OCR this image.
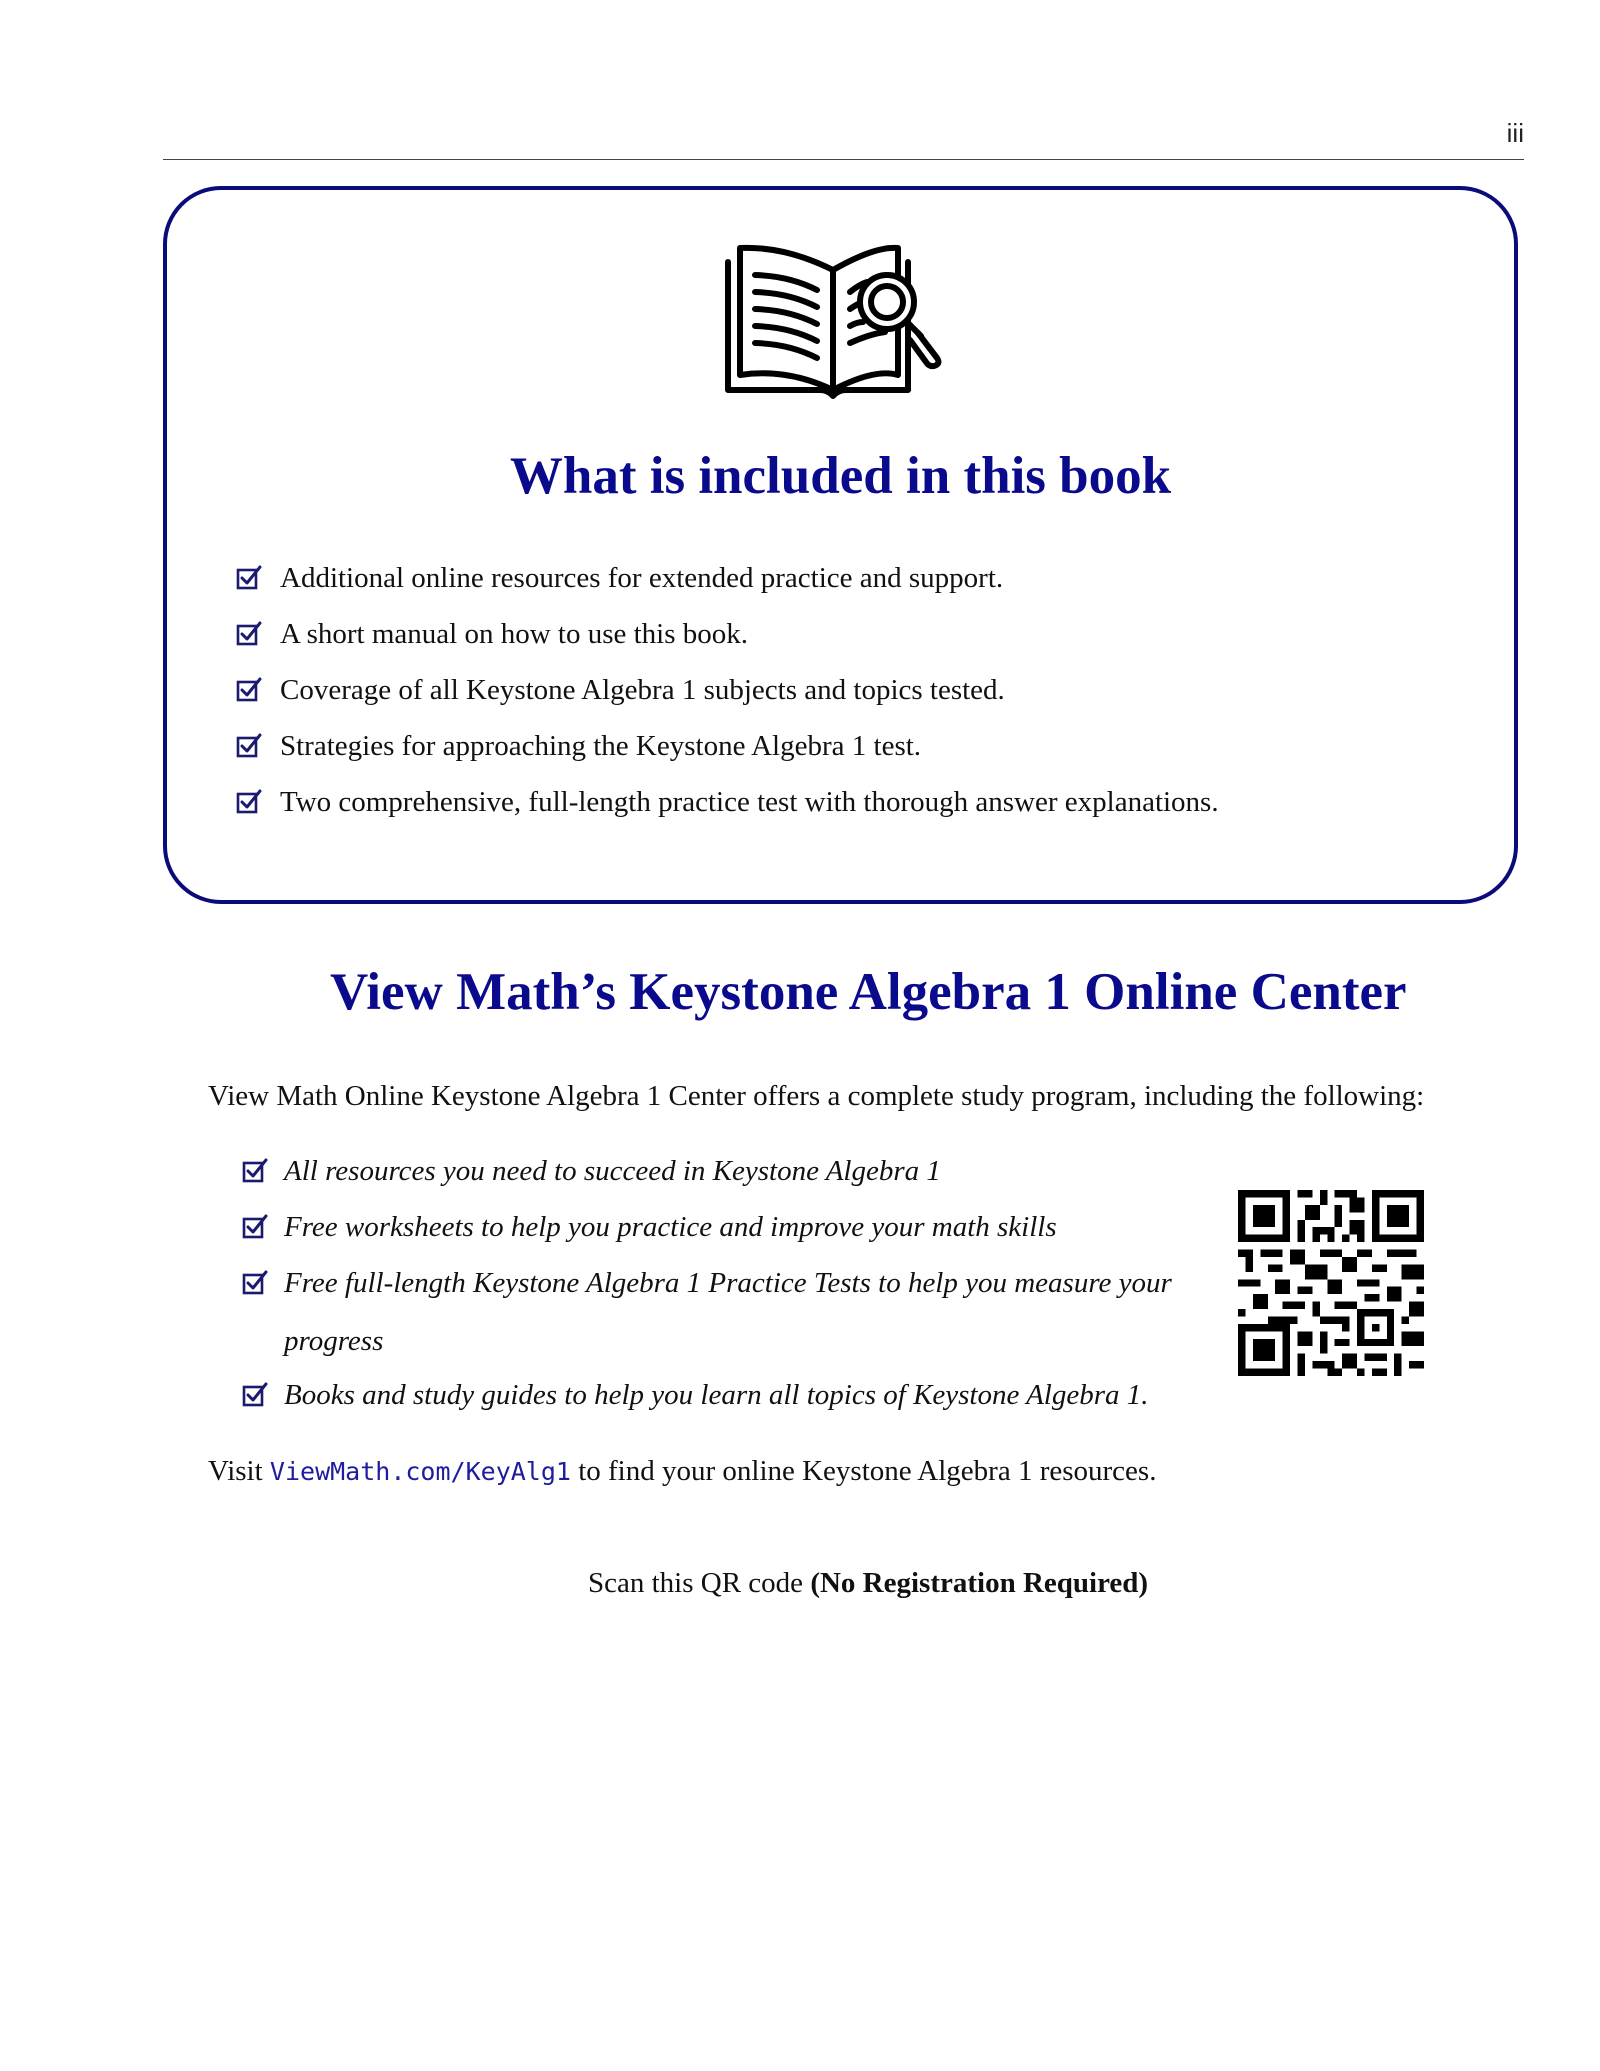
iii
What is included in this book
Additional online resources for extended practice and support.
A short manual on how to use this book.
Coverage of all Keystone Algebra 1 subjects and topics tested.
Strategies for approaching the Keystone Algebra 1 test.
Two comprehensive, full-length practice test with thorough answer explanations.
View Math’s Keystone Algebra 1 Online Center

View Math Online Keystone Algebra 1 Center offers a complete study program, including the following:

All resources you need to succeed in Keystone Algebra 1
Free worksheets to help you practice and improve your math skills
Free full-length Keystone Algebra 1 Practice Tests to help you measure your progress
Books and study guides to help you learn all topics of Keystone Algebra 1.

Visit ViewMath.com/KeyAlg1 to find your online Keystone Algebra 1 resources.

Scan this QR code (No Registration Required)
